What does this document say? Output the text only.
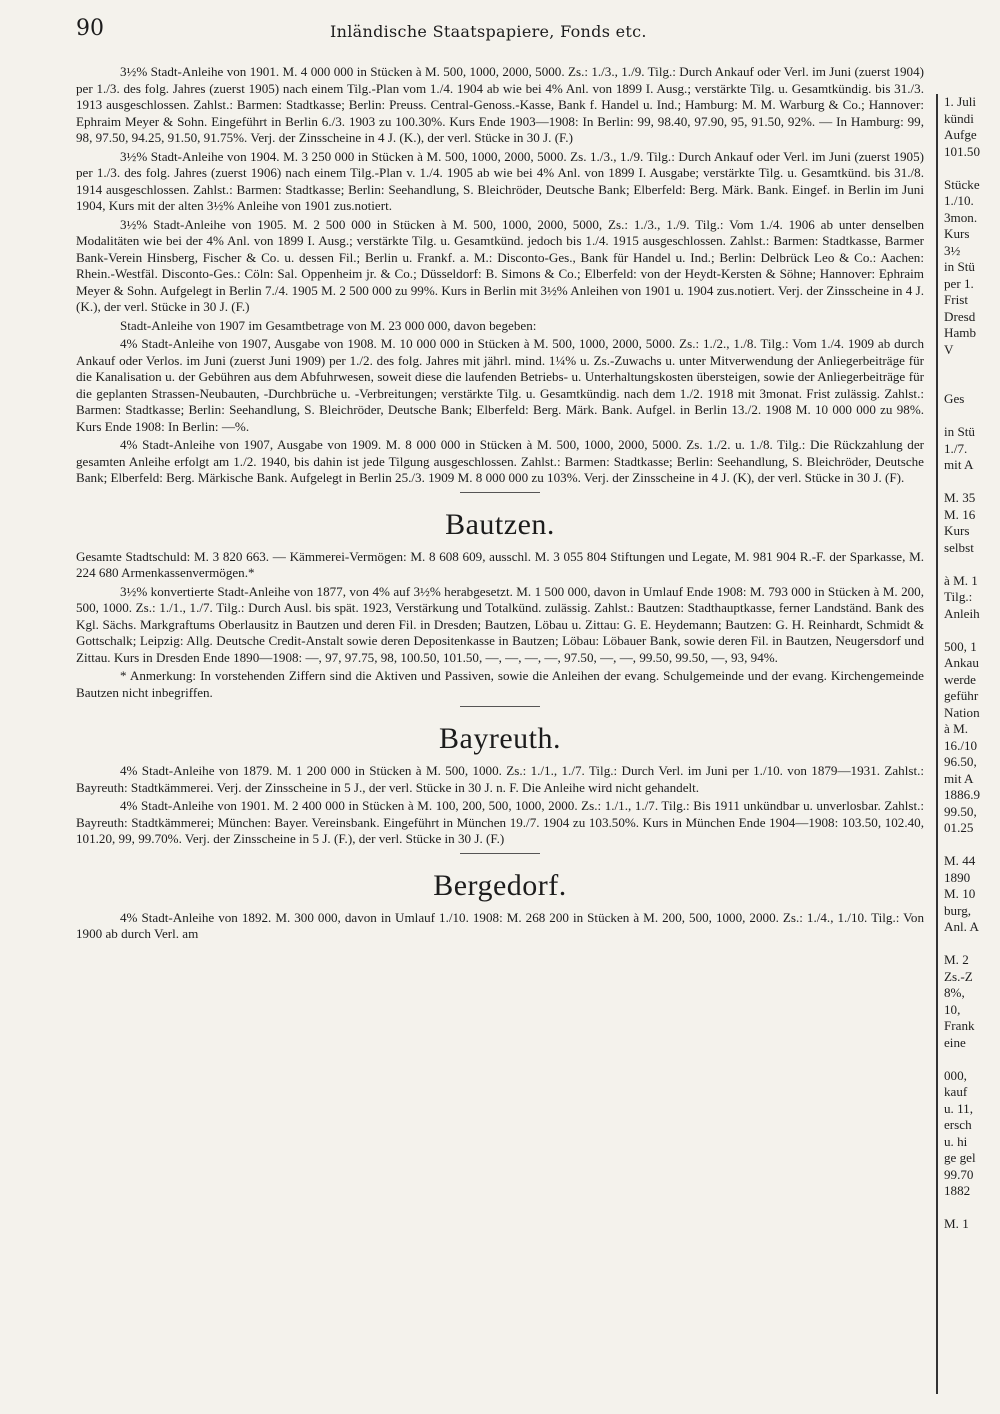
90	Inländische Staatspapiere, Fonds etc.

3½% Stadt-Anleihe von 1901. M. 4 000 000 in Stücken à M. 500, 1000, 2000, 5000. Zs.: 1./3., 1./9. Tilg.: Durch Ankauf oder Verl. im Juni (zuerst 1904) per 1./3. des folg. Jahres (zuerst 1905) nach einem Tilg.-Plan vom 1./4. 1904 ab wie bei 4% Anl. von 1899 I. Ausg.; verstärkte Tilg. u. Gesamtkündig. bis 31./3. 1913 ausgeschlossen. Zahlst.: Barmen: Stadtkasse; Berlin: Preuss. Central-Genoss.-Kasse, Bank f. Handel u. Ind.; Hamburg: M. M. Warburg & Co.; Hannover: Ephraim Meyer & Sohn. Eingeführt in Berlin 6./3. 1903 zu 100.30%. Kurs Ende 1903—1908: In Berlin: 99, 98.40, 97.90, 95, 91.50, 92%. — In Hamburg: 99, 98, 97.50, 94.25, 91.50, 91.75%. Verj. der Zinsscheine in 4 J. (K.), der verl. Stücke in 30 J. (F.)

3½% Stadt-Anleihe von 1904. M. 3 250 000 in Stücken à M. 500, 1000, 2000, 5000. Zs. 1./3., 1./9. Tilg.: Durch Ankauf oder Verl. im Juni (zuerst 1905) per 1./3. des folg. Jahres (zuerst 1906) nach einem Tilg.-Plan v. 1./4. 1905 ab wie bei 4% Anl. von 1899 I. Ausgabe; verstärkte Tilg. u. Gesamtkünd. bis 31./8. 1914 ausgeschlossen. Zahlst.: Barmen: Stadtkasse; Berlin: Seehandlung, S. Bleichröder, Deutsche Bank; Elberfeld: Berg. Märk. Bank. Eingef. in Berlin im Juni 1904, Kurs mit der alten 3½% Anleihe von 1901 zus.notiert.

3½% Stadt-Anleihe von 1905. M. 2 500 000 in Stücken à M. 500, 1000, 2000, 5000, Zs.: 1./3., 1./9. Tilg.: Vom 1./4. 1906 ab unter denselben Modalitäten wie bei der 4% Anl. von 1899 I. Ausg.; verstärkte Tilg. u. Gesamtkünd. jedoch bis 1./4. 1915 ausgeschlossen. Zahlst.: Barmen: Stadtkasse, Barmer Bank-Verein Hinsberg, Fischer & Co. u. dessen Fil.; Berlin u. Frankf. a. M.: Disconto-Ges., Bank für Handel u. Ind.; Berlin: Delbrück Leo & Co.: Aachen: Rhein.-Westfäl. Disconto-Ges.: Cöln: Sal. Oppenheim jr. & Co.; Düsseldorf: B. Simons & Co.; Elberfeld: von der Heydt-Kersten & Söhne; Hannover: Ephraim Meyer & Sohn. Aufgelegt in Berlin 7./4. 1905 M. 2 500 000 zu 99%. Kurs in Berlin mit 3½% Anleihen von 1901 u. 1904 zus.notiert. Verj. der Zinsscheine in 4 J. (K.), der verl. Stücke in 30 J. (F.)

Stadt-Anleihe von 1907 im Gesamtbetrage von M. 23 000 000, davon begeben:

4% Stadt-Anleihe von 1907, Ausgabe von 1908. M. 10 000 000 in Stücken à M. 500, 1000, 2000, 5000. Zs.: 1./2., 1./8. Tilg.: Vom 1./4. 1909 ab durch Ankauf oder Verlos. im Juni (zuerst Juni 1909) per 1./2. des folg. Jahres mit jährl. mind. 1¼% u. Zs.-Zuwachs u. unter Mitverwendung der Anliegerbeiträge für die Kanalisation u. der Gebühren aus dem Abfuhrwesen, soweit diese die laufenden Betriebs- u. Unterhaltungskosten übersteigen, sowie der Anliegerbeiträge für die geplanten Strassen-Neubauten, -Durchbrüche u. -Verbreitungen; verstärkte Tilg. u. Gesamtkündig. nach dem 1./2. 1918 mit 3monat. Frist zulässig. Zahlst.: Barmen: Stadtkasse; Berlin: Seehandlung, S. Bleichröder, Deutsche Bank; Elberfeld: Berg. Märk. Bank. Aufgel. in Berlin 13./2. 1908 M. 10 000 000 zu 98%. Kurs Ende 1908: In Berlin: —%.

4% Stadt-Anleihe von 1907, Ausgabe von 1909. M. 8 000 000 in Stücken à M. 500, 1000, 2000, 5000. Zs. 1./2. u. 1./8. Tilg.: Die Rückzahlung der gesamten Anleihe erfolgt am 1./2. 1940, bis dahin ist jede Tilgung ausgeschlossen. Zahlst.: Barmen: Stadtkasse; Berlin: Seehandlung, S. Bleichröder, Deutsche Bank; Elberfeld: Berg. Märkische Bank. Aufgelegt in Berlin 25./3. 1909 M. 8 000 000 zu 103%. Verj. der Zinsscheine in 4 J. (K), der verl. Stücke in 30 J. (F).

Bautzen.

Gesamte Stadtschuld: M. 3 820 663. — Kämmerei-Vermögen: M. 8 608 609, ausschl. M. 3 055 804 Stiftungen und Legate, M. 981 904 R.-F. der Sparkasse, M. 224 680 Armenkassenvermögen.*

3½% konvertierte Stadt-Anleihe von 1877, von 4% auf 3½% herabgesetzt. M. 1 500 000, davon in Umlauf Ende 1908: M. 793 000 in Stücken à M. 200, 500, 1000. Zs.: 1./1., 1./7. Tilg.: Durch Ausl. bis spät. 1923, Verstärkung und Totalkünd. zulässig. Zahlst.: Bautzen: Stadthauptkasse, ferner Landständ. Bank des Kgl. Sächs. Markgraftums Oberlausitz in Bautzen und deren Fil. in Dresden; Bautzen, Löbau u. Zittau: G. E. Heydemann; Bautzen: G. H. Reinhardt, Schmidt & Gottschalk; Leipzig: Allg. Deutsche Credit-Anstalt sowie deren Depositenkasse in Bautzen; Löbau: Löbauer Bank, sowie deren Fil. in Bautzen, Neugersdorf und Zittau. Kurs in Dresden Ende 1890—1908: —, 97, 97.75, 98, 100.50, 101.50, —, —, —, —, 97.50, —, —, 99.50, 99.50, —, 93, 94%.

* Anmerkung: In vorstehenden Ziffern sind die Aktiven und Passiven, sowie die Anleihen der evang. Schulgemeinde und der evang. Kirchengemeinde Bautzen nicht inbegriffen.

Bayreuth.

4% Stadt-Anleihe von 1879. M. 1 200 000 in Stücken à M. 500, 1000. Zs.: 1./1., 1./7. Tilg.: Durch Verl. im Juni per 1./10. von 1879—1931. Zahlst.: Bayreuth: Stadtkämmerei. Verj. der Zinsscheine in 5 J., der verl. Stücke in 30 J. n. F. Die Anleihe wird nicht gehandelt.

4% Stadt-Anleihe von 1901. M. 2 400 000 in Stücken à M. 100, 200, 500, 1000, 2000. Zs.: 1./1., 1./7. Tilg.: Bis 1911 unkündbar u. unverlosbar. Zahlst.: Bayreuth: Stadtkämmerei; München: Bayer. Vereinsbank. Eingeführt in München 19./7. 1904 zu 103.50%. Kurs in München Ende 1904—1908: 103.50, 102.40, 101.20, 99, 99.70%. Verj. der Zinsscheine in 5 J. (F.), der verl. Stücke in 30 J. (F.)

Bergedorf.

4% Stadt-Anleihe von 1892. M. 300 000, davon in Umlauf 1./10. 1908: M. 268 200 in Stücken à M. 200, 500, 1000, 2000. Zs.: 1./4., 1./10. Tilg.: Von 1900 ab durch Verl. am

1. Juli
kündi
Aufge
101.50
Stücke
1./10.
3mon.
Kurs
3½
in Stü
per 1.
Frist
Dresd
Hamb
V
Ges
in Stü
1./7.
mit A
M. 35
M. 16
Kurs
selbst
à M. 1
Tilg.:
Anleih
500, 1
Ankau
werde
geführ
Nation
à M.
16./10
96.50,
mit A
1886.9
99.50,
01.25
M. 44
1890
M. 10
burg,
Anl. A
M. 2
Zs.-Z
8%,
10,
Frank
eine
000,
kauf
u. 11,
ersch
u. hi
ge gel
99.70
1882
M. 1
